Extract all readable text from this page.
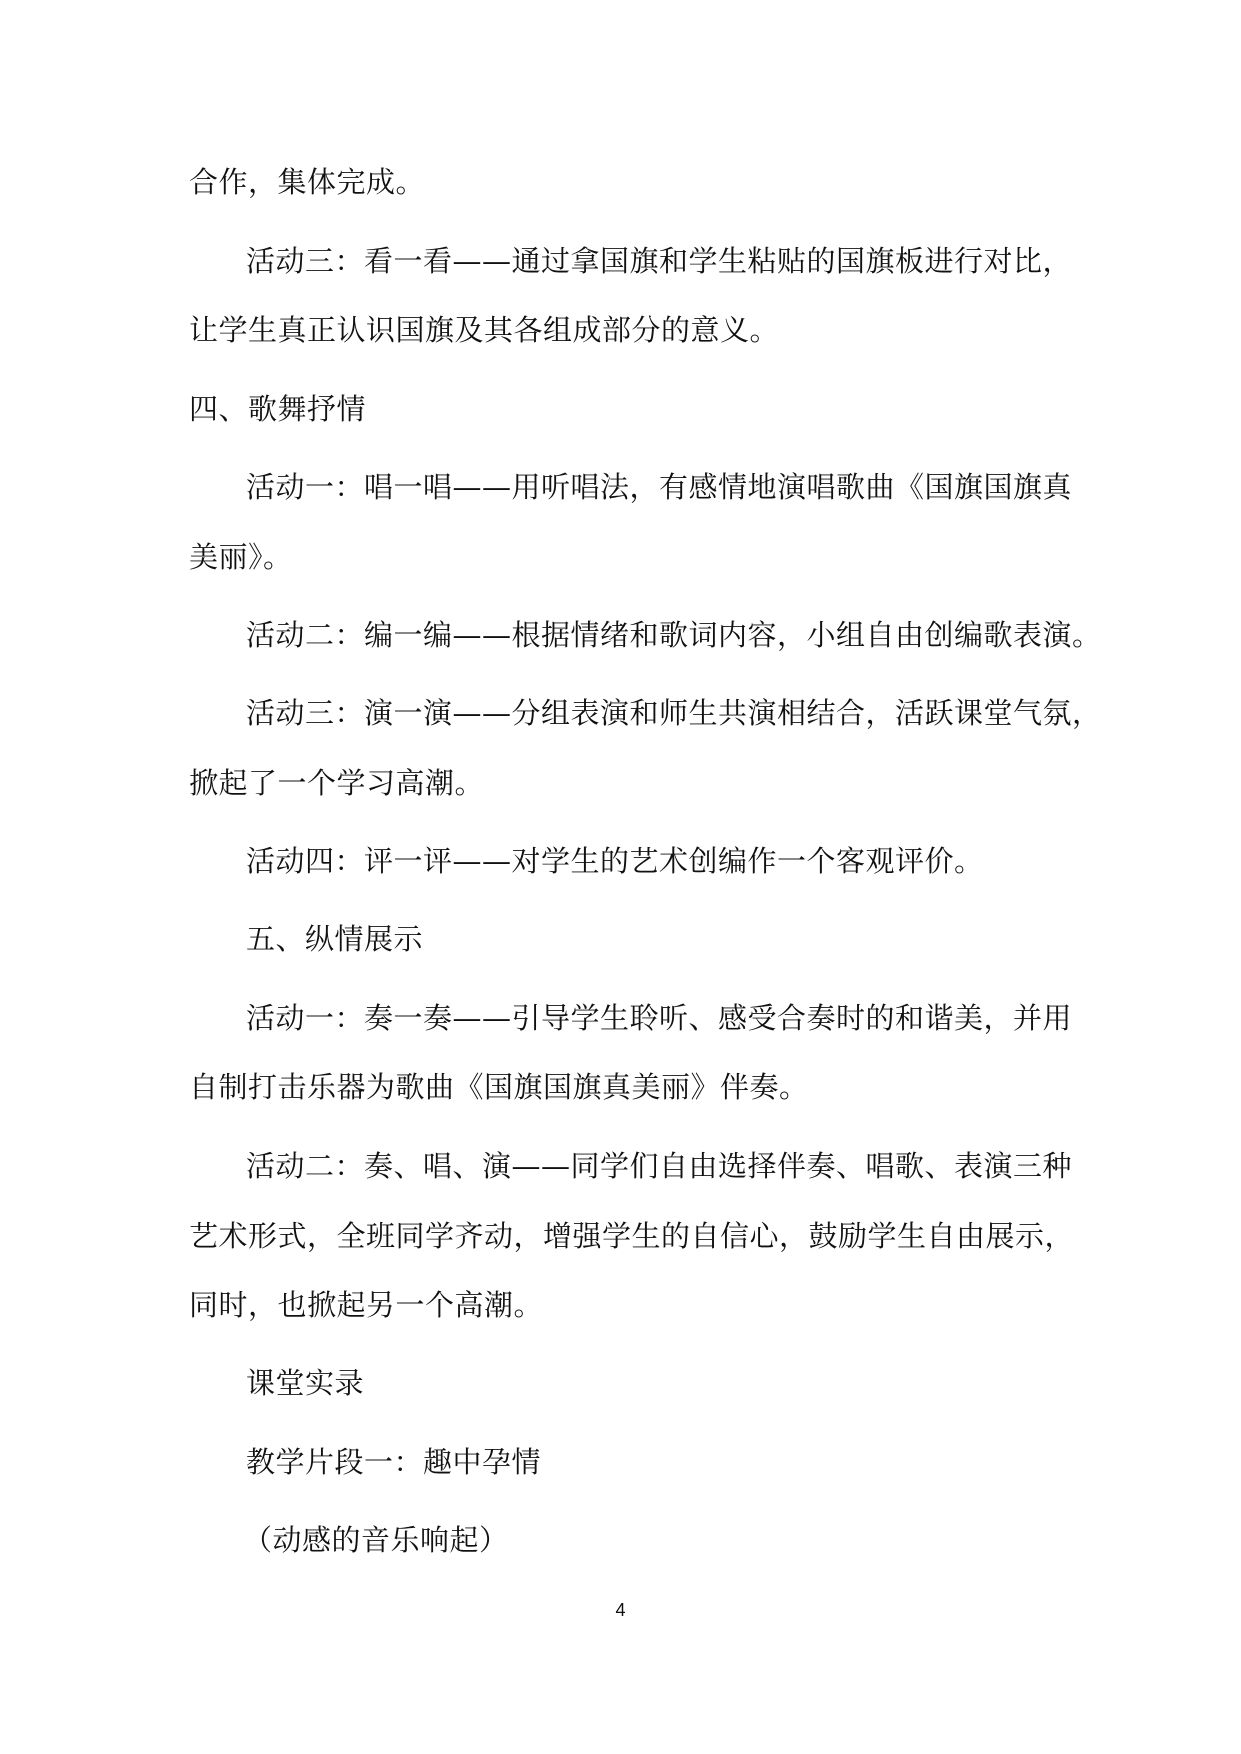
合作，集体完成。
活动三：看一看——通过拿国旗和学生粘贴的国旗板进行对比，
让学生真正认识国旗及其各组成部分的意义。
四、歌舞抒情
活动一：唱一唱——用听唱法，有感情地演唱歌曲《国旗国旗真
美丽》。
活动二：编一编——根据情绪和歌词内容，小组自由创编歌表演。
活动三：演一演——分组表演和师生共演相结合，活跃课堂气氛，
掀起了一个学习高潮。
活动四：评一评——对学生的艺术创编作一个客观评价。
五、纵情展示
活动一：奏一奏——引导学生聆听、感受合奏时的和谐美，并用
自制打击乐器为歌曲《国旗国旗真美丽》伴奏。
活动二：奏、唱、演——同学们自由选择伴奏、唱歌、表演三种
艺术形式，全班同学齐动，增强学生的自信心，鼓励学生自由展示，
同时，也掀起另一个高潮。
课堂实录
教学片段一：趣中孕情
（动感的音乐响起）
4
